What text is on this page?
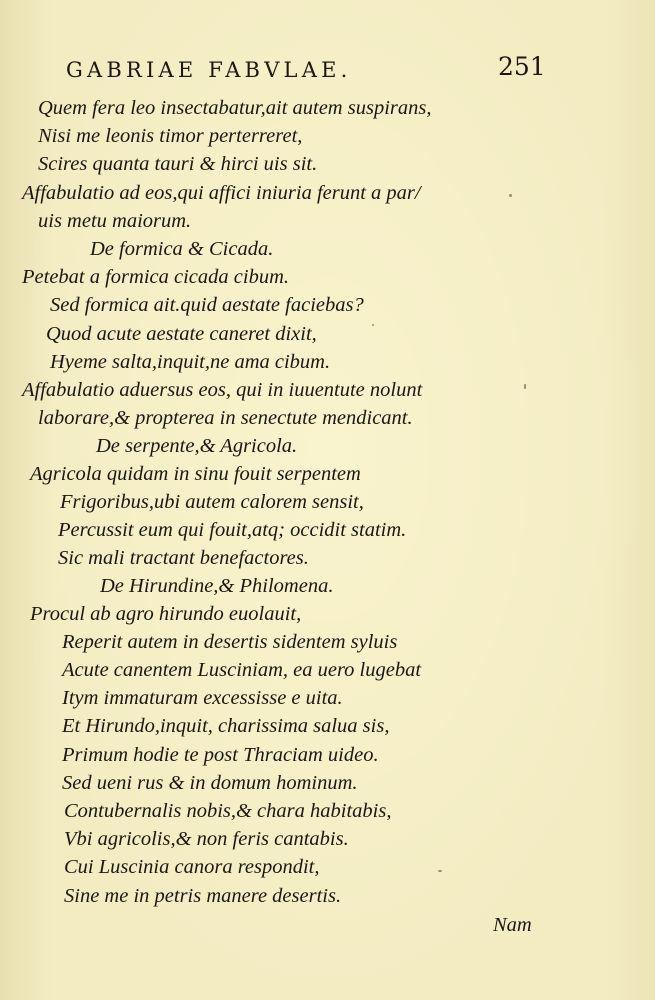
GABRIAE FABVLAE.	251
Quem fera leo insectabatur,ait autem suspirans,
Nisi me leonis timor perterreret,
Scires quanta tauri & hirci uis sit.
Affabulatio ad eos,qui affici iniuria ferunt a par/
uis metu maiorum.
De formica & Cicada.
Petebat a formica cicada cibum.
Sed formica ait.quid aestate faciebas?
Quod acute aestate caneret dixit,
Hyeme salta,inquit,ne ama cibum.
Affabulatio aduersus eos, qui in iuuentute nolunt
laborare,& propterea in senectute mendicant.
De serpente,& Agricola.
Agricola quidam in sinu fouit serpentem
Frigoribus,ubi autem calorem sensit,
Percussit eum qui fouit,atq; occidit statim.
Sic mali tractant benefactores.
De Hirundine,& Philomena.
Procul ab agro hirundo euolauit,
Reperit autem in desertis sidentem syluis
Acute canentem Lusciniam, ea uero lugebat
Itym immaturam excessisse e uita.
Et Hirundo,inquit, charissima salua sis,
Primum hodie te post Thraciam uideo.
Sed ueni rus & in domum hominum.
Contubernalis nobis,& chara habitabis,
Vbi agricolis,& non feris cantabis.
Cui Luscinia canora respondit,
Sine me in petris manere desertis.
Nam
